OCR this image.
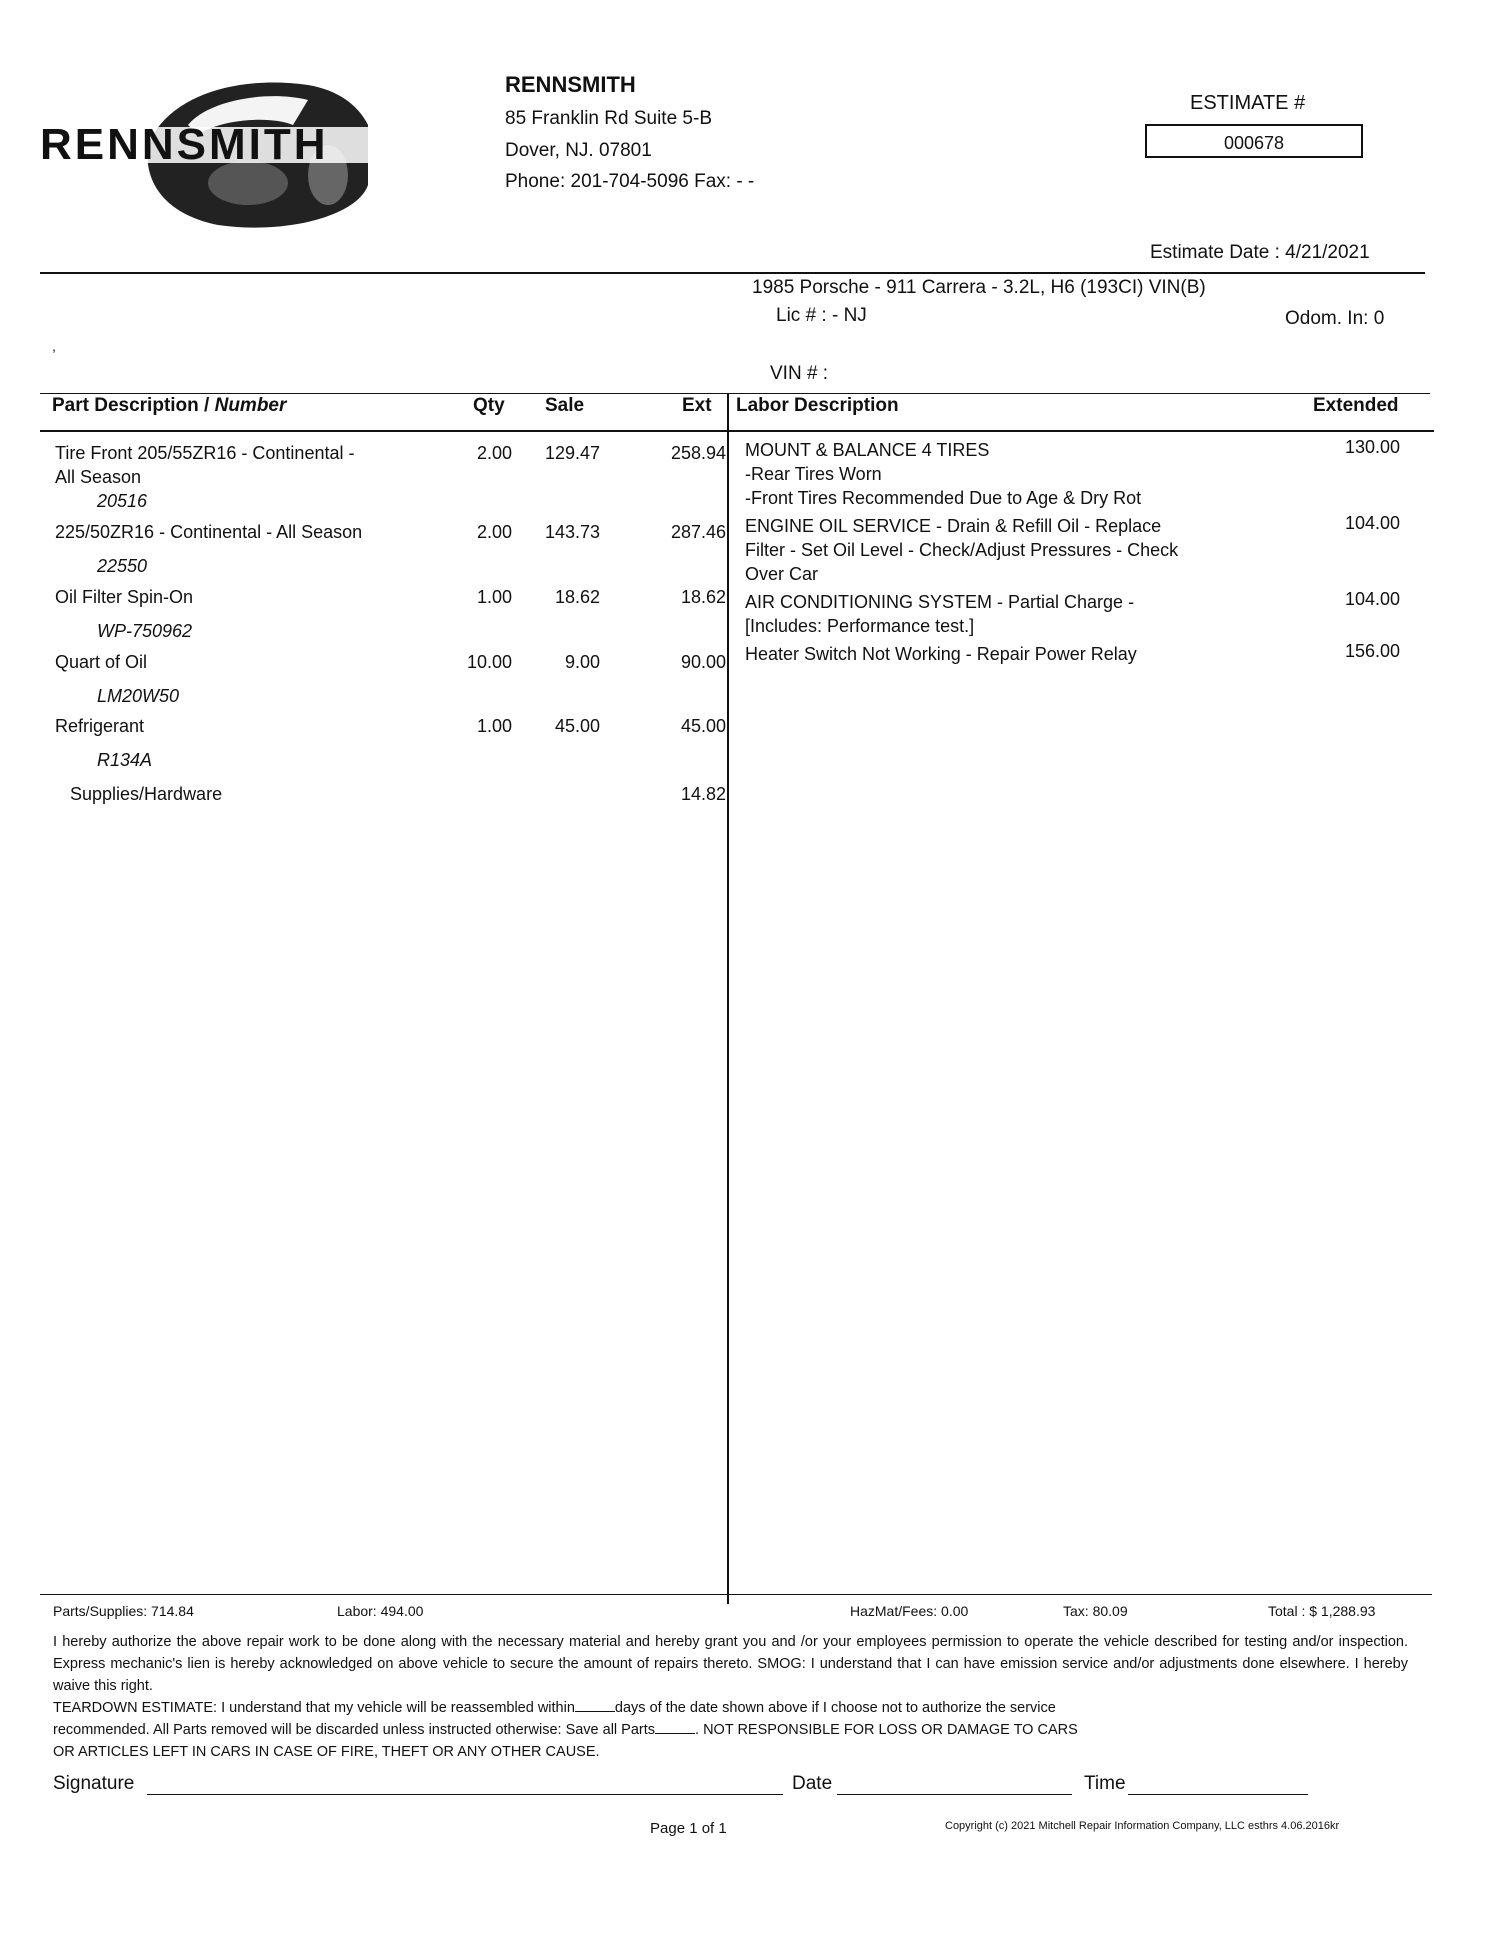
RENNSMITH
RENNSMITH
85 Franklin Rd Suite 5-B
Dover, NJ. 07801
Phone: 201-704-5096 Fax: - -
ESTIMATE #
000678
Estimate Date : 4/21/2021
1985 Porsche - 911 Carrera - 3.2L, H6 (193CI) VIN(B)
Lic # : - NJ	Odom. In: 0
,
VIN # :
Part Description / Number	Qty Sale	Ext Labor Description	Extended
Tire Front 205/55ZR16 - Continental -
All Season
20516
2.00	129.47	258.94
225/50ZR16 - Continental - All Season
22550
2.00	143.73	287.46
Oil Filter Spin-On
WP-750962
1.00	18.62	18.62
Quart of Oil
LM20W50
10.00	9.00	90.00
Refrigerant
R134A
1.00	45.00	45.00
Supplies/Hardware	14.82
MOUNT & BALANCE 4 TIRES
-Rear Tires Worn
-Front Tires Recommended Due to Age & Dry Rot
130.00
ENGINE OIL SERVICE - Drain & Refill Oil - Replace
Filter - Set Oil Level - Check/Adjust Pressures - Check
Over Car
104.00
AIR CONDITIONING SYSTEM - Partial Charge -
[Includes: Performance test.]
104.00
Heater Switch Not Working - Repair Power Relay	156.00
Parts/Supplies: 714.84	Labor: 494.00	HazMat/Fees: 0.00	Tax: 80.09	Total : $ 1,288.93
I hereby authorize the above repair work to be done along with the necessary material and hereby grant you and /or your employees permission to operate the vehicle described for testing and/or inspection. Express mechanic's lien is hereby acknowledged on above vehicle to secure the amount of repairs thereto. SMOG: I understand that I can have emission service and/or adjustments done elsewhere. I hereby waive this right.
TEARDOWN ESTIMATE: I understand that my vehicle will be reassembled within	days of the date shown above if I choose not to authorize the service
recommended. All Parts removed will be discarded unless instructed otherwise: Save all Parts	. NOT RESPONSIBLE FOR LOSS OR DAMAGE TO CARS
OR ARTICLES LEFT IN CARS IN CASE OF FIRE, THEFT OR ANY OTHER CAUSE.
Signature	Date	Time
Page 1 of 1	Copyright (c) 2021 Mitchell Repair Information Company, LLC esthrs 4.06.2016kr
